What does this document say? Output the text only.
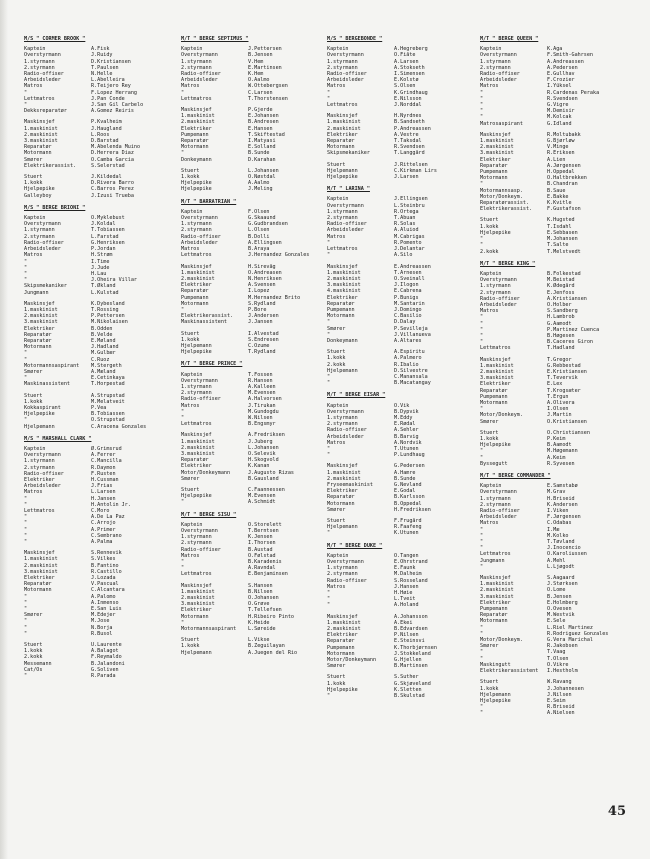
M/S " CORMER BROOK "
Kaptein	A.Fisk
Overstyrmann	J.Ruidy
1.styrmann	D.Kristiansen
2.styrmann	T.Paulsen
Radio-offiser	N.Helle
Arbeidsleder	L.Abelleira
Matros	R.Teijero Rey
"	F.Lopez Herrang
Lettmatros	J.Pan Conde
"	J.San Gil Carbelo
Dekksreparatør	A.Gomez Reiris
Maskinsjef	P.Kvalheim
1.maskinist	J.Haugland
2.maskinist	L.Roos
3.maskinist	D.Barstad
Reparatør	M.Abelenda Muino
Motormann	D.Herrera Diaz
Smører	O.Camba Garcia
Elektrikerassist.	S.Selerstad
Stuert	J.Kildedal
1.kokk	D.Rivera Barro
Hjelpepike	C.Barros Perez
Galleyboy	J.Izusi Trueba
M/S " BERGE BRIONI "
Kaptein	O.Myklebust
Overstyrmann	J.Koldal
1.styrmann	T.Tobiassen
2.styrmann	L.Farstad
Radio-offiser	G.Henriksen
Arbeidsleder	P.Jordan
Matros	H.Strøm
"	I.Time
"	J.Jude
"	H.Lau
"	J.Oheira Villar
Skipsmekaniker	T.Økland
Jungmann	L.Kulstad
Maskinsjef	K.Dybesland
1.maskinist	T.Rossing
2.maskinist	P.Pettersen
3.maskinist	M.Nikolaisen
Elektriker	B.Odden
Reparatør	B.Velde
Reparatør	E.Møland
Motormann	J.Hadland
"	M.Gulbær
"	C.Ruoz
Motormannsaspirant	M.Stergeth
Smører	A.Mæland
"	E.Cetinkaya
Maskinassistent	T.Horpestad
Stuert	A.Strupstad
1.kokk	M.Melatveit
Kokkaspirant	P.Vea
Hjelpepike	B.Tobiassen
"	O.Strupstad
Hjelpemann	C.Aracena Gonzales
M/S " MARSHALL CLARK "
Kaptein	Ø.Grimsrud
Overstyrmann	A.Ferrer
1.styrmann	C.Mancilla
2.styrmann	R.Daymon
Radio-offiser	F.Rusten
Elektriker	H.Cussman
Arbeidsleder	J.Frias
Matros	L.Larsen
"	H.Jansen
"	H.Antolin Jr.
Lettmatros	C.Moro
"	A.De La Paz
"	C.Arrojo
"	A.Primer
"	C.Sembrano
"	A.Palma
Maskinsjef	S.Rennevik
1.maskinist	S.Vilkes
2.maskinist	B.Fantino
3.maskinist	R.Castillo
Elektriker	J.Lozada
Reparatør	V.Pascual
Motormann	C.Alcantara
"	A.Palomo
"	A.Inmenso
"	E.San Luis
Smører	M.Edejer
"	M.Jose
"	N.Borja
"	R.Busol
Stuert	U.Laurente
1.kokk	A.Balagot
2.kokk	F.Reymaldo
Messemann	B.Jalandoni
Cat/Os	G.Soliven
"	R.Parada
M/T " BERGE SEPTIMUS "
Kaptein	J.Pettersen
Overstyrmann	B.Jensen
1.styrmann	V.Hem
2.styrmann	E.Martinsen
Radio-offiser	K.Hem
Arbeidsleder	O.Aalmo
Matros	W.Ottebergsen
"	C.Larsen
Lettmatros	T.Thorstensen
Maskinsjef	P.Gjerde
1.maskinist	E.Johansen
2.maskinist	B.Andresen
Elektriker	E.Hansen
Pumpemann	T.Skiftestad
Reparatør	I.Matyasi
Motormann	E.Solland
"	B.Sunde
Donkeymann	D.Karahan
Stuert	L.Johansen
1.kokk	O.Nøstdal
Hjelpepike	A.Aalmo
Hjelpepike	J.Meling
M/T " BARRATRIAN "
Kaptein	F.Olsen
Overstyrmann	G.Skaaund
1.styrmann	G.Gudbrandsen
2.styrmann	L.Olsen
Radio-offiser	B.Dolli
Arbeidsleder	A.Ellingsen
Matros	B.Araya
Lettmatros	J.Hernandez Gonzales
Maskinsjef	H.Sirevåg
1.maskinist	O.Andreasen
2.maskinist	N.Henriksen
Elektriker	A.Svensen
Reparatør	I.Lopez
Pumpemann	M.Hernandez Brito
Motormann	S.Rydland
"	P.Bore
Elektrikerassist.	J.Andersen
Maskinassistent	J.Jansen
Stuert	I.Alvestad
1.kokk	S.Endresen
Hjelpemann	C.Ozume
Hjelpepike	T.Rydland
M/T " BERGE PRINCE "
Kaptein	T.Fossen
Overstyrmann	R.Hansen
1.styrmann	A.Kalleen
2.styrmann	M.Evensen
Radio-offiser	A.Halvorsen
Matros	J.Tirukan
"	M.Gundogdu
"	W.Nilsen
Lettmatros	B.Engsmyr
Maskinsjef	A.Fredriksen
1.maskinist	J.Juberg
2.maskinist	L.Johansen
3.maskinist	O.Selevik
Reparatør	H.Skogvold
Elektriker	K.Kanan
Motor/Donkeymann	J.Augusto Rizas
Smører	B.Gausland
Stuert	C.Faannessen
Hjelpepike	M.Evensen
"	A.Schmidt
M/T " BERGE SISU "
Kaptein	O.Storelett
Overstyrmann	T.Berntsen
1.styrmann	K.Jensen
2.styrmann	I.Thorsen
Radio-offiser	B.Austad
Matros	O.Følstad
"	B.Karadenis
"	A.Ravndal
Lettmatros	E.Benjaminsen
Maskinsjef	S.Hansen
1.maskinist	B.Nilsen
2.maskinist	O.Johansen
3.maskinist	O.Grøve
Elektriker	T.Tellefsen
Motormann	H.Ribeiro Pinto
"	K.Heide
Motormannsaspirant	L.Søreide
Stuert	L.Vikse
1.kokk	B.Zeguilayan
Hjelpemann	A.Juegen del Rio
M/S " BERGEBONDE "
Kaptein	A.Hegreberg
Overstyrmann	O.Fiåte
1.styrmann	A.Larsen
2.styrmann	A.Stokseth
Radio-offiser	I.Simensen
Arbeidsleder	E.Kolstø
Matros	S.Olsen
"	K.Grindhaug
"	E.Nilsson
Lettmatros	J.Norddal
Maskinsjef	H.Nyrdnes
1.maskinist	B.Sandseth
2.maskinist	P.Andreassen
Elektriker	A.Vestre
Reparatør	T.Taksdal
Motormann	R.Svendsen
Skipsmekaniker	T.Langgård
Stuert	J.Rittelsen
Hjelpemann	C.Kirkman Lirs
Hjelpepike	J.Larsen
M/T " LARINA "
Kaptein	J.Ellingsen
Overstyrmann	L.Steinbru
1.styrmann	R.Ortega
2.styrmann	T.Abuan
Radio-offiser	R.Solas
Arbeidsleder	A.Aluiod
Matros	M.Cabrigas
"	R.Pomento
Lettmatros	J.Delantar
"	A.Silo
Maskinsjef	E.Andreassen
1.maskinist	T.Arnesen
2.maskinist	O.Sveinall
3.maskinist	J.Ilogon
4.maskinist	E.Cabrena
Elektriker	P.Bunigs
Reparatør	M.Santarin
Pumpemann	J.Domingo
Motormann	C.Basilio
"	D.Dalay
Smører	P.Sevilleja
"	J.Villanueva
Donkeymann	A.Altares
Stuert	A.Espiritu
1.kokk	A.Palmero
2.kokk	R.Ibalio
Hjelpemann	D.Silvestre
"	C.Manansala
"	B.Macatangay
M/T " BERGE EISAR "
Kaptein	O.Vik
Overstyrmann	B.Dypvik
1.styrmann	M.Eddy
2.styrmann	E.Rødal
Radio-offiser	A.Sehler
Arbeidsleder	B.Barvig
Matros	A.Nordvik
"	T.Utunen
"	P.Lundhaug
Maskinsjef	G.Pedersen
1.maskinist	A.Hamre
2.maskinist	B.Sunde
Fryseemaskinist	G.Nevland
Elektriker	E.Godal
Reparatør	B.Karlsson
Motormann	B.Oppedal
Smører	H.Fredriksen
Stuert	F.Frugård
Hjelpemann	R.Faafeng
"	K.Utunen
M/T " BERGE DUKE "
Kaptein	O.Tangen
Overstyrmann	E.Ohrstrand
1.styrmann	E.Faunk
2.styrmann	M.Dalheim
Radio-offiser	S.Rosseland
Matros	J.Hansen
"	H.Høie
"	L.Tveit
"	A.Holand
Maskinsjef	A.Johansson
1.maskinist	A.Ekei
2.maskinist	B.Edvardsen
Elektriker	P.Nilsen
Reparatør	E.Steinsvi
Pumpemann	K.Thorbjørnsen
Motormann	J.Stokkeland
Motor/Donkeymann	G.Hjellen
Smører	B.Martinsen
Stuert	S.Suther
1.kokk	G.Skjøveland
Hjelpepike	K.Sletten
"	B.Skulstad
M/T " BERGE QUEEN "
Kaptein	K.Aga
Overstyrmann	F.Smith-Gahrsen
1.styrmann	A.Andreassen
2.styrmann	A.Pedersen
Radio-offiser	E.Gullhav
Arbeidsleder	F.Crozier
Matros	I.Yüksel
"	R.Cardenas Peraka
"	R.Svendsen
"	G.Vigre
"	M.Demisir
"	M.Kolcak
Matrosaspirant	G.Idland
Maskinsjef	R.Moltubakk
1.maskinist	G.Bjørløw
2.maskinist	V.Minge
3.maskinist	R.Eriksen
Elektriker	A.Lien
Reparatør	A.Jørgensen
Pumpemann	H.Oppedal
Motormann	O.Haltbrekken
"	B.Chandran
Motormannsasp.	B.Saue
Motor/Donkeym.	E.Bakke
Reparatørassist.	K.Kvitle
Elektrikerassist.	F.Gustafson
Stuert	K.Hugsted
1.kokk	T.Isdahl
Hjelpepike	E.Sebbasen
"	M.Johansen
"	T.Salte
2.kokk	T.Melstvedt
M/T " BERGE KING "
Kaptein	B.Folkestad
Overstyrmann	M.Beistad
1.styrmann	K.Ødegård
2.styrmann	E.Jenfoss
Radio-offiser	A.Kristiansen
Arbeidsleder	O.Holber
Matros	S.Sandberg
"	H.Lambrob
"	G.Aamodt
"	P.Martinez Cuenca
"	B.Høgesen
"	B.Caceres Giron
Lettmatros	T.Hadland
Maskinsjef	T.Gregor
1.maskinist	G.Rebbestad
2.maskinist	E.Kristiansen
3.maskinist	T.Tevervik
Elektriker	E.Lex
Reparatør	T.Krogsæter
Pumpemann	T.Ergun
Motormann	A.Olivera
"	I.Olsen
Motor/Donkeym.	J.Martin
Smører	O.Kristiansen
Stuert	O.Christiansen
1.kokk	P.Keim
Hjelpepike	B.Aamodt
"	M.Høgemann
"	A.Keim
Byssegutt	R.Syvesen
M/T " BERGE COMMANDER "
Kaptein	E.Samstabø
Overstyrmann	M.Grav
1.styrmann	H.Briseid
2.styrmann	K.Andersen
Radio-offiser	I.Viken
Arbeidsleder	F.Jørgensen
Matros	C.Odabas
"	I.Mæ
"	M.Kolko
"	T.Tøvland
"	J.Inocencio
Lettmatros	O.Karoliussen
Jungmann	A.Mehl
"	L.Ljøgodt
Maskinsjef	S.Aagaard
1.maskinist	J.Størksen
2.maskinist	O.Lome
3.maskinist	B.Jensen
Elektriker	E.Holmberg
Pumpemann	O.Ovesen
Reparatør	M.Westvik
Motormann	E.Sele
"	L.Riel Martinez
"	R.Rodriguez Gonzales
Motor/Donkeym.	G.Vera Marichal
Smører	R.Jakobsen
"	T.Vaag
"	T.Olsen
Maskingutt	O.Vikre
Elektrikerassistent	I.Hestholm
Stuert	W.Ravang
1.kokk	J.Johannesen
Hjelpemann	J.Nilsen
Hjelpepike	E.Seim
"	R.Briseid
"	A.Nielsen
45
